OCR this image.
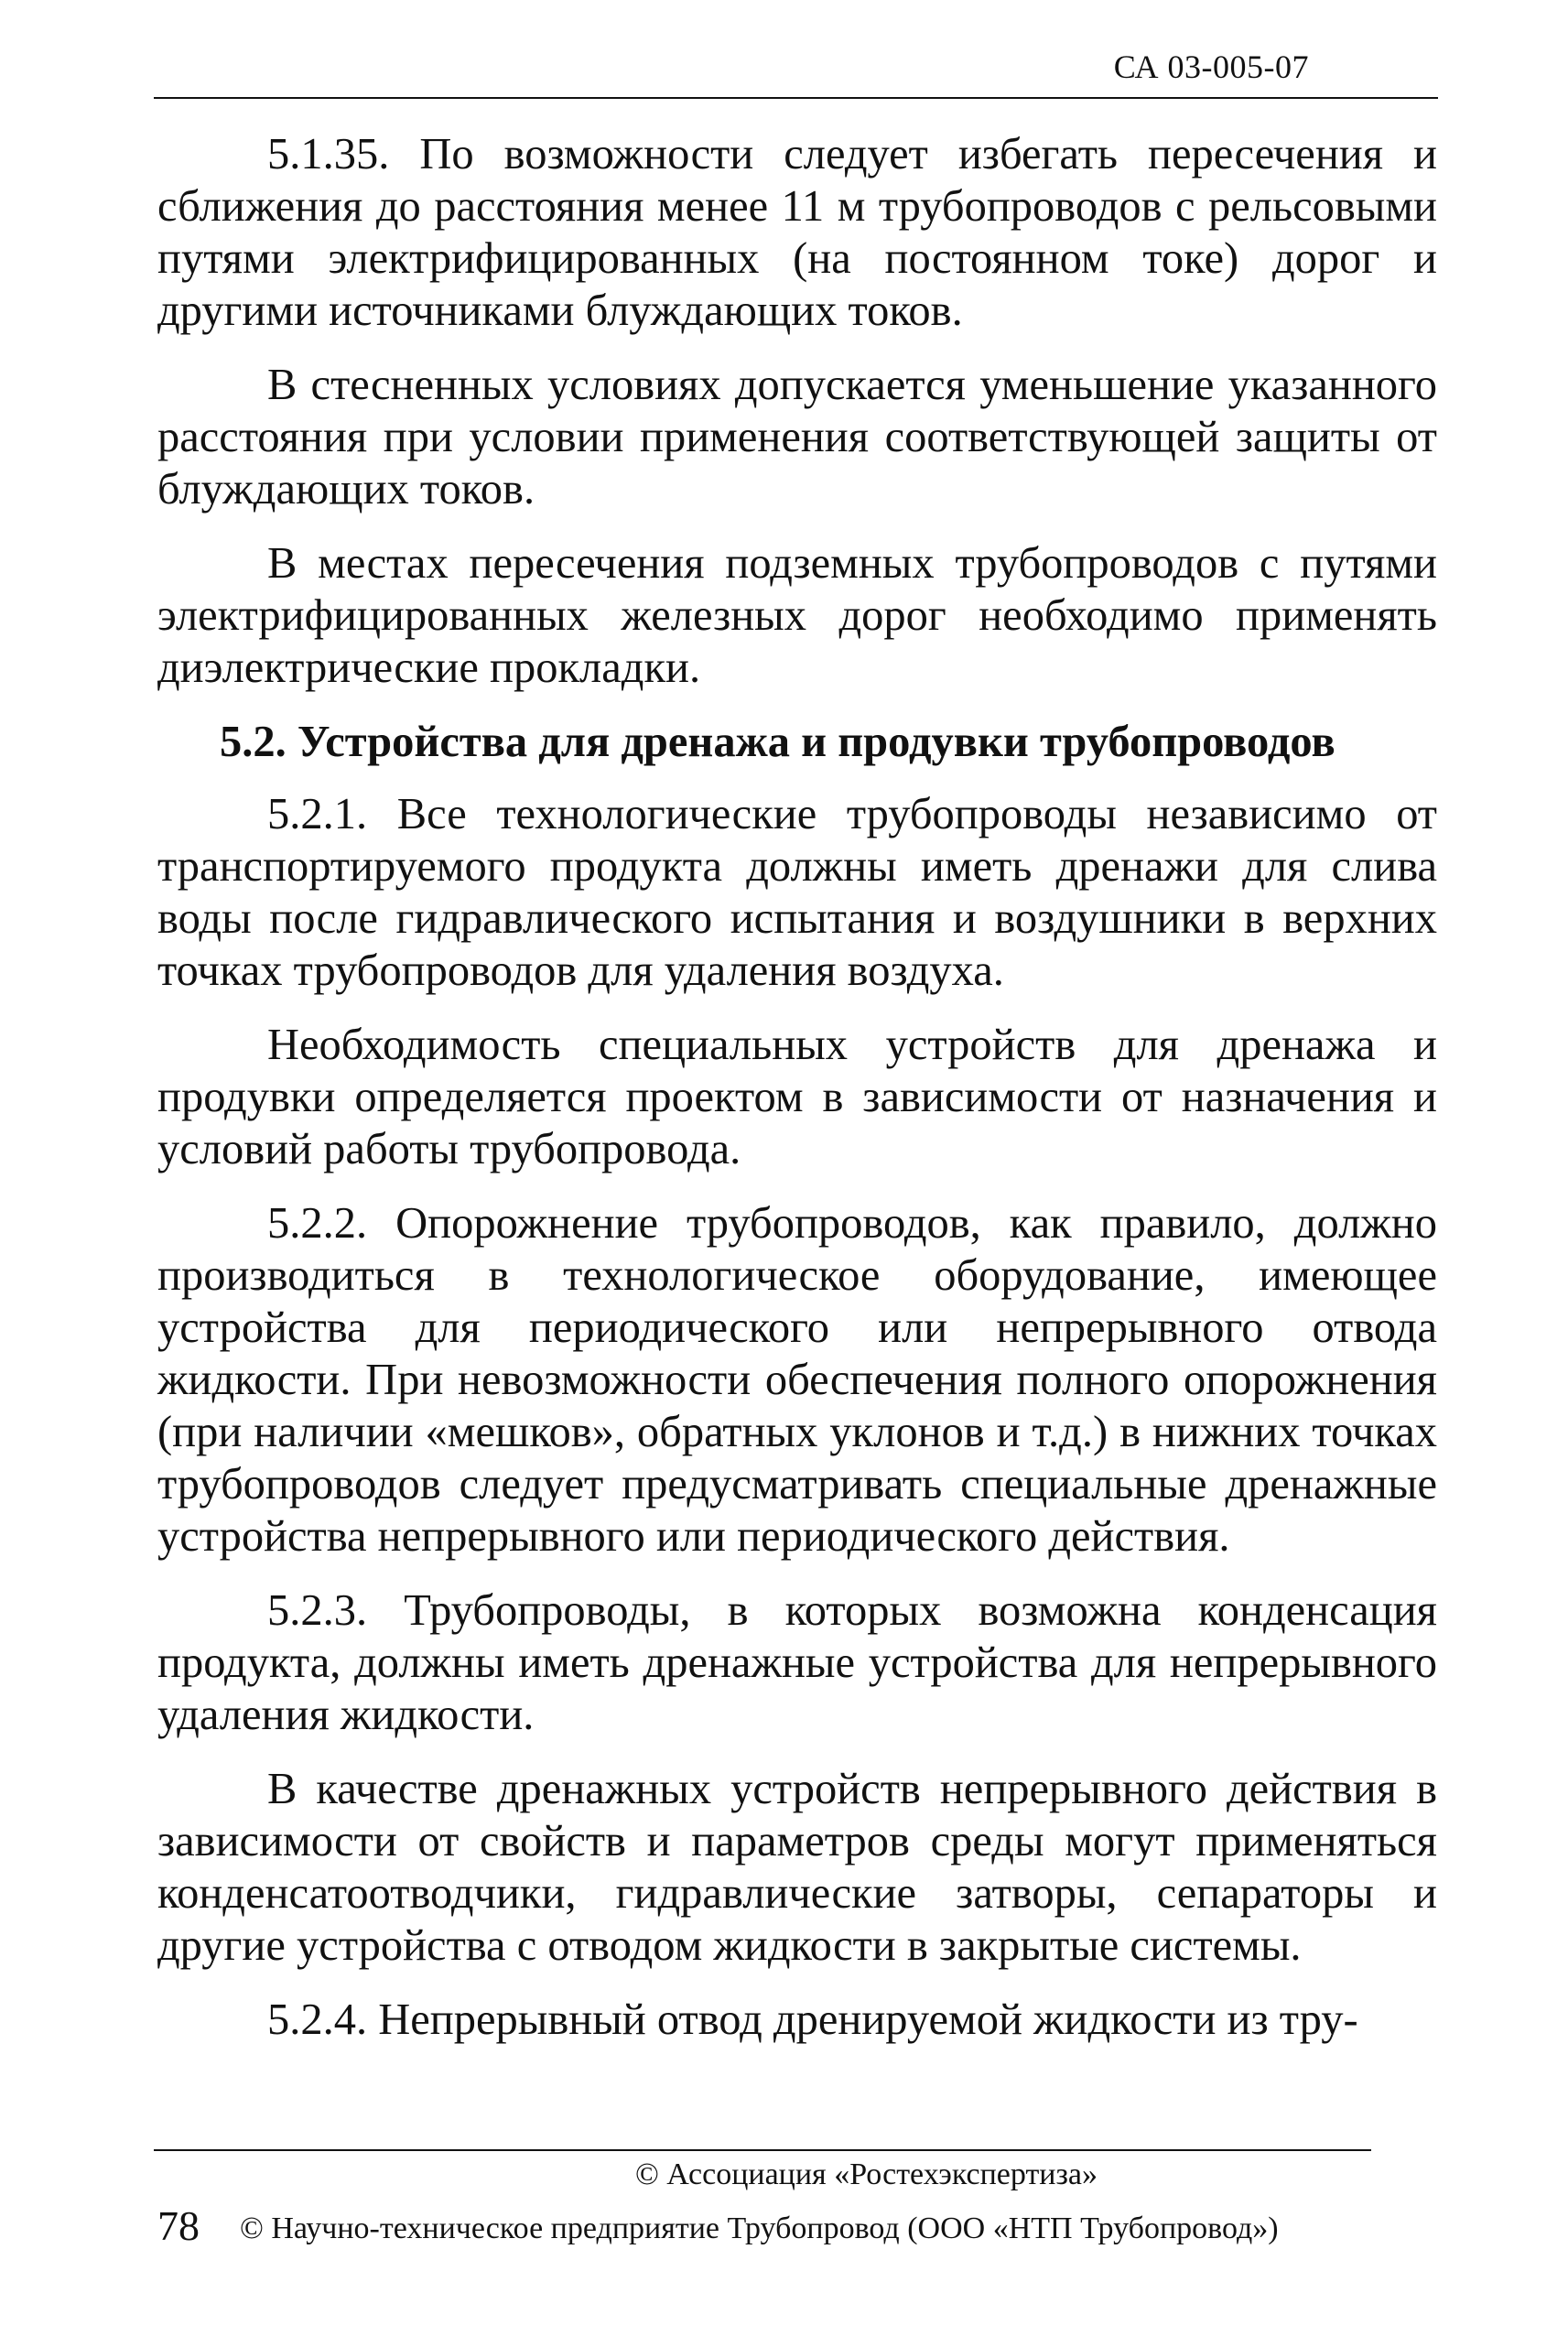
СА 03-005-07

5.1.35. По возможности следует избегать пересечения и сближения до расстояния менее 11 м трубопроводов с рельсовыми путями электрифицированных (на постоянном токе) дорог и другими источниками блуждающих токов.

В стесненных условиях допускается уменьшение указанного расстояния при условии применения соответствующей защиты от блуждающих токов.

В местах пересечения подземных трубопроводов с путями электрифицированных железных дорог необходимо применять диэлектрические прокладки.

5.2. Устройства для дренажа и продувки трубопроводов

5.2.1. Все технологические трубопроводы независимо от транспортируемого продукта должны иметь дренажи для слива воды после гидравлического испытания и воздушники в верхних точках трубопроводов для удаления воздуха.

Необходимость специальных устройств для дренажа и продувки определяется проектом в зависимости от назначения и условий работы трубопровода.

5.2.2. Опорожнение трубопроводов, как правило, должно производиться в технологическое оборудование, имеющее устройства для периодического или непрерывного отвода жидкости. При невозможности обеспечения полного опорожнения (при наличии «мешков», обратных уклонов и т.д.) в нижних точках трубопроводов следует предусматривать специальные дренажные устройства непрерывного или периодического действия.

5.2.3. Трубопроводы, в которых возможна конденсация продукта, должны иметь дренажные устройства для непрерывного удаления жидкости.

В качестве дренажных устройств непрерывного действия в зависимости от свойств и параметров среды могут применяться конденсатоотводчики, гидравлические затворы, сепараторы и другие устройства с отводом жидкости в закрытые системы.

5.2.4. Непрерывный отвод дренируемой жидкости из тру-

© Ассоциация «Ростехэкспертиза»
78 © Научно-техническое предприятие Трубопровод (ООО «НТП Трубопровод»)
